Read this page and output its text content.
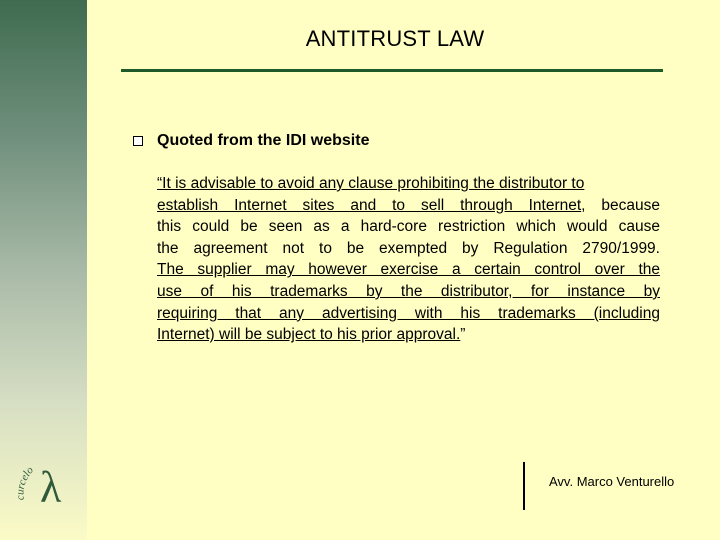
curcelo λ
ANTITRUST LAW
Quoted from the IDI website
“It is advisable to avoid any clause prohibiting the distributor to
establish Internet sites and to sell through Internet, because
this could be seen as a hard-core restriction which would cause
the agreement not to be exempted by Regulation 2790/1999.
The supplier may however exercise a certain control over the
use of his trademarks by the distributor, for instance by
requiring that any advertising with his trademarks (including
Internet) will be subject to his prior approval.”
Avv. Marco Venturello
